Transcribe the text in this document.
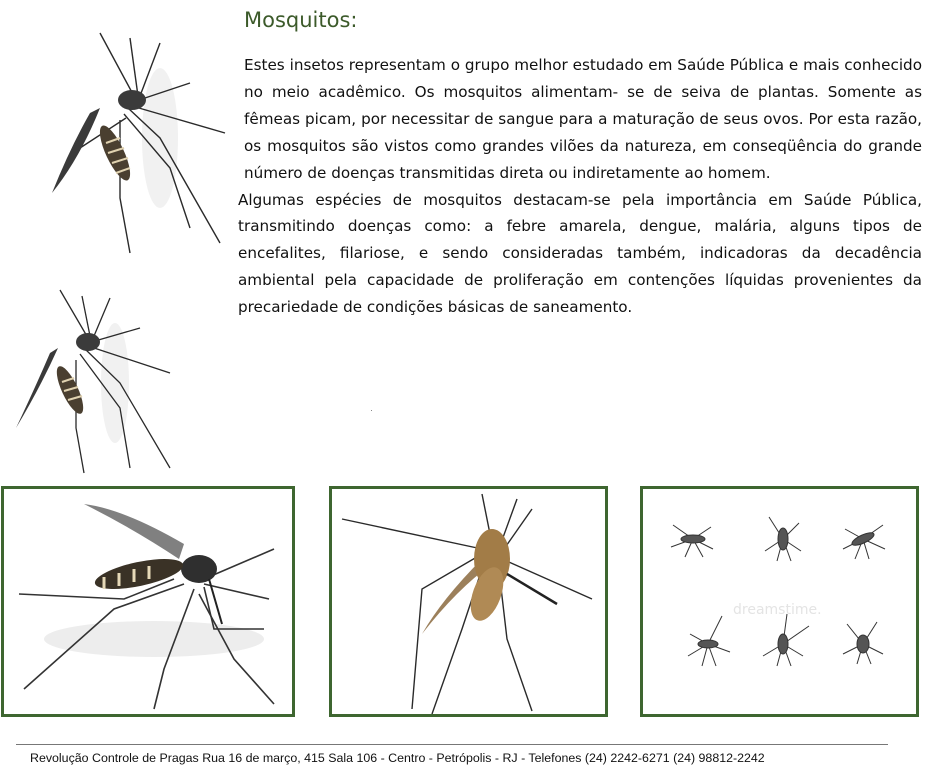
Mosquitos:

Estes insetos representam o grupo melhor estudado em Saúde Pública e mais conhecido no meio acadêmico. Os mosquitos alimentam- se de seiva de plantas. Somente as fêmeas picam, por necessitar de sangue para a maturação de seus ovos. Por esta razão, os mosquitos são vistos como grandes vilões da natureza, em conseqüência do grande número de doenças transmitidas direta ou indiretamente ao homem.

Algumas espécies de mosquitos destacam-se pela importância em Saúde Pública, transmitindo doenças como: a febre amarela, dengue, malária, alguns tipos de encefalites, filariose, e sendo consideradas também, indicadoras da decadência ambiental pela capacidade de proliferação em contenções líquidas provenientes da precariedade de condições básicas de saneamento.

dreamstime.
Revolução Controle de Pragas Rua 16 de março, 415 Sala 106 - Centro - Petrópolis - RJ - Telefones (24) 2242-6271 (24) 98812-2242
